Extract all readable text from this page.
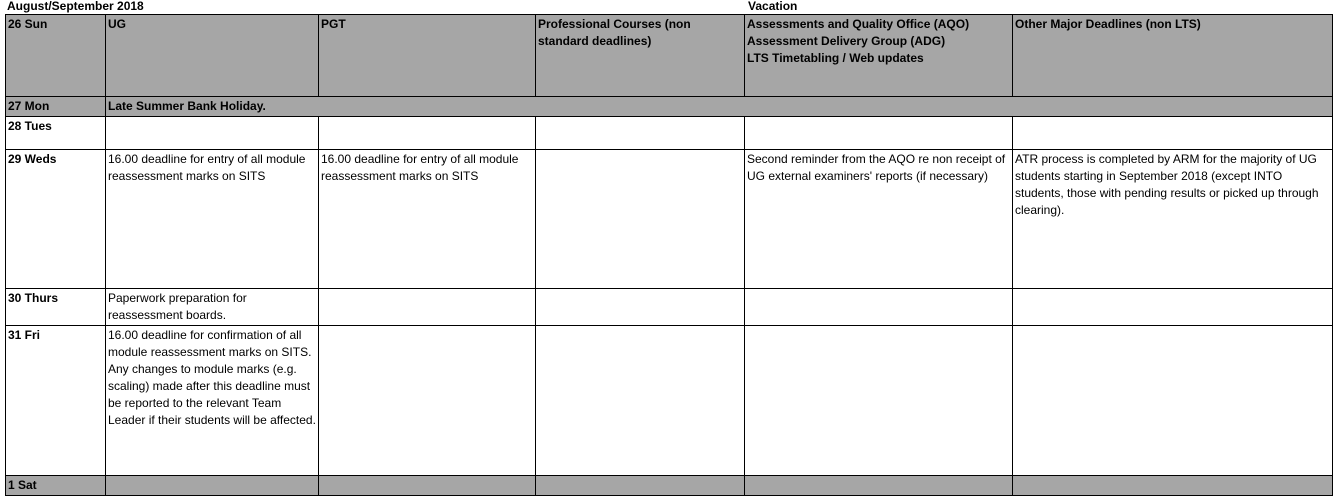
August/September 2018	Vacation
26 Sun	UG	PGT	Professional Courses (non standard deadlines)	Assessments and Quality Office (AQO)
Assessment Delivery Group (ADG)
LTS Timetabling / Web updates	Other Major Deadlines (non LTS)
27 Mon	Late Summer Bank Holiday.				
28 Tues					
29 Weds	16.00 deadline for entry of all module reassessment marks on SITS	16.00 deadline for entry of all module reassessment marks on SITS		Second reminder from the AQO re non receipt of UG external examiners' reports (if necessary)	ATR process is completed by ARM for the majority of UG students starting in September 2018 (except INTO students, those with pending results or picked up through clearing).
30 Thurs	Paperwork preparation for reassessment boards.				
31 Fri	16.00 deadline for confirmation of all module reassessment marks on SITS. Any changes to module marks (e.g. scaling) made after this deadline must be reported to the relevant Team Leader if their students will be affected.				
1 Sat					
